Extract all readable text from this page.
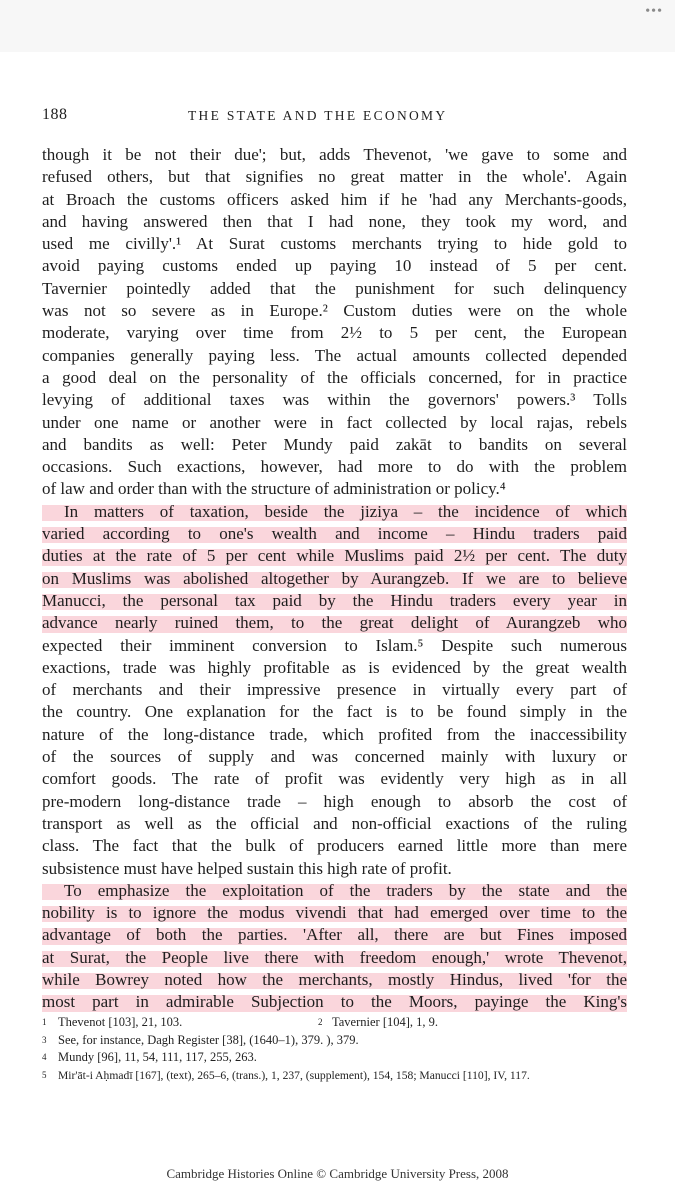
•••
188	THE STATE AND THE ECONOMY
though it be not their due'; but, adds Thevenot, 'we gave to some and
refused others, but that signifies no great matter in the whole'. Again
at Broach the customs officers asked him if he 'had any Merchants-goods,
and having answered then that I had none, they took my word, and
used me civilly'.¹ At Surat customs merchants trying to hide gold to
avoid paying customs ended up paying 10 instead of 5 per cent.
Tavernier pointedly added that the punishment for such delinquency
was not so severe as in Europe.² Custom duties were on the whole
moderate, varying over time from 2½ to 5 per cent, the European
companies generally paying less. The actual amounts collected depended
a good deal on the personality of the officials concerned, for in practice
levying of additional taxes was within the governors' powers.³ Tolls
under one name or another were in fact collected by local rajas, rebels
and bandits as well: Peter Mundy paid zakāt to bandits on several
occasions. Such exactions, however, had more to do with the problem
of law and order than with the structure of administration or policy.⁴
In matters of taxation, beside the jiziya – the incidence of which
varied according to one's wealth and income – Hindu traders paid
duties at the rate of 5 per cent while Muslims paid 2½ per cent. The duty
on Muslims was abolished altogether by Aurangzeb. If we are to believe
Manucci, the personal tax paid by the Hindu traders every year in
advance nearly ruined them, to the great delight of Aurangzeb who
expected their imminent conversion to Islam.⁵ Despite such numerous
exactions, trade was highly profitable as is evidenced by the great wealth
of merchants and their impressive presence in virtually every part of
the country. One explanation for the fact is to be found simply in the
nature of the long-distance trade, which profited from the inaccessibility
of the sources of supply and was concerned mainly with luxury or
comfort goods. The rate of profit was evidently very high as in all
pre-modern long-distance trade – high enough to absorb the cost of
transport as well as the official and non-official exactions of the ruling
class. The fact that the bulk of producers earned little more than mere
subsistence must have helped sustain this high rate of profit.
To emphasize the exploitation of the traders by the state and the
nobility is to ignore the modus vivendi that had emerged over time to the
advantage of both the parties. 'After all, there are but Fines imposed
at Surat, the People live there with freedom enough,' wrote Thevenot,
while Bowrey noted how the merchants, mostly Hindus, lived 'for the
most part in admirable Subjection to the Moors, payinge the King's
1 Thevenot [103], 21, 103.	2 Tavernier [104], 1, 9.
3 See, for instance, Dagh Register [38], (1640–1), 379. ), 379.
4 Mundy [96], 11, 54, 111, 117, 255, 263.
5 Mir'āt-i Aḥmadī [167], (text), 265–6, (trans.), 1, 237, (supplement), 154, 158; Manucci [110], IV, 117.
Cambridge Histories Online © Cambridge University Press, 2008
